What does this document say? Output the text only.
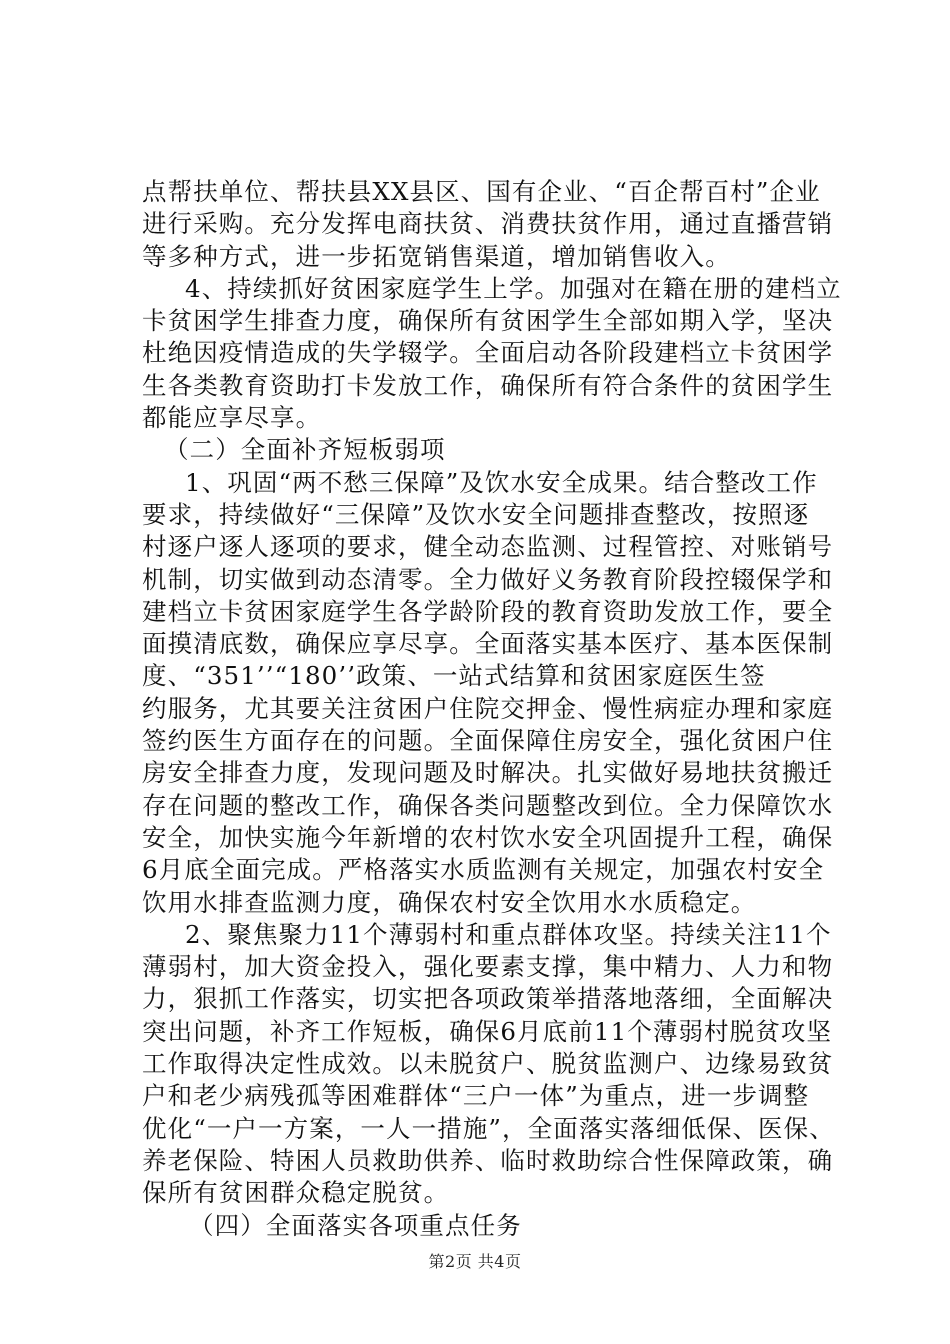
点帮扶单位、帮扶县XX县区、国有企业、“百企帮百村”企业
进行采购。充分发挥电商扶贫、消费扶贫作用，通过直播营销
等多种方式，进一步拓宽销售渠道，增加销售收入。
4、持续抓好贫困家庭学生上学。加强对在籍在册的建档立
卡贫困学生排查力度，确保所有贫困学生全部如期入学，坚决
杜绝因疫情造成的失学辍学。全面启动各阶段建档立卡贫困学
生各类教育资助打卡发放工作，确保所有符合条件的贫困学生
都能应享尽享。
（二）全面补齐短板弱项
1、巩固“两不愁三保障”及饮水安全成果。结合整改工作
要求，持续做好“三保障”及饮水安全问题排查整改，按照逐
村逐户逐人逐项的要求，健全动态监测、过程管控、对账销号
机制，切实做到动态清零。全力做好义务教育阶段控辍保学和
建档立卡贫困家庭学生各学龄阶段的教育资助发放工作，要全
面摸清底数，确保应享尽享。全面落实基本医疗、基本医保制
度、“351’’“180’’政策、一站式结算和贫困家庭医生签
约服务，尤其要关注贫困户住院交押金、慢性病症办理和家庭
签约医生方面存在的问题。全面保障住房安全，强化贫困户住
房安全排查力度，发现问题及时解决。扎实做好易地扶贫搬迁
存在问题的整改工作，确保各类问题整改到位。全力保障饮水
安全，加快实施今年新增的农村饮水安全巩固提升工程，确保
6月底全面完成。严格落实水质监测有关规定，加强农村安全
饮用水排查监测力度，确保农村安全饮用水水质稳定。
2、聚焦聚力11个薄弱村和重点群体攻坚。持续关注11个
薄弱村，加大资金投入，强化要素支撑，集中精力、人力和物
力，狠抓工作落实，切实把各项政策举措落地落细，全面解决
突出问题，补齐工作短板，确保6月底前11个薄弱村脱贫攻坚
工作取得决定性成效。以未脱贫户、脱贫监测户、边缘易致贫
户和老少病残孤等困难群体“三户一体”为重点，进一步调整
优化“一户一方案，一人一措施”，全面落实落细低保、医保、
养老保险、特困人员救助供养、临时救助综合性保障政策，确
保所有贫困群众稳定脱贫。
（四）全面落实各项重点任务
第2页 共4页
